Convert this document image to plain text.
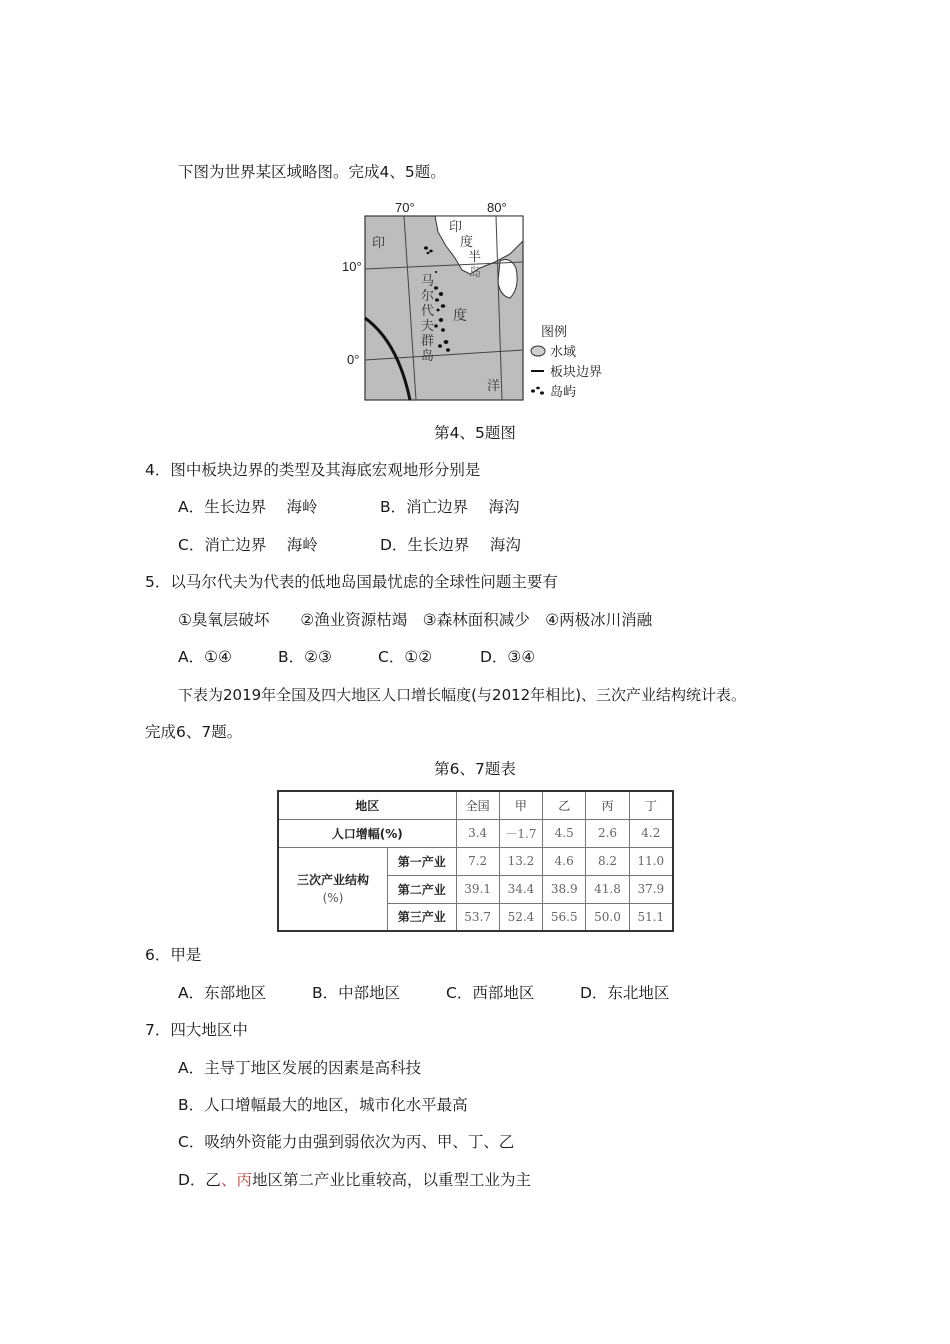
下图为世界某区域略图。完成4、5题。
70°	80°
10°
0°
印
度
洋
印
度
半
岛
马
尔
代
夫
群
岛
图例
水域
板块边界
岛屿
第4、5题图
4．图中板块边界的类型及其海底宏观地形分别是
A．生长边界　 海岭	B．消亡边界　 海沟
C．消亡边界　 海岭	D．生长边界　 海沟
5．以马尔代夫为代表的低地岛国最忧虑的全球性问题主要有
①臭氧层破坏　　②渔业资源枯竭　③森林面积减少　④两极冰川消融
A．①④	B．②③	C．①②	D．③④
下表为2019年全国及四大地区人口增长幅度(与2012年相比)、三次产业结构统计表。
完成6、7题。
第6、7题表
地区		全国	甲	乙	丙	丁
人口增幅(%)		3.4	－1.7	4.5	2.6	4.2
三次产业结构
(%)	第一产业	7.2	13.2	4.6	8.2	11.0
	第二产业	39.1	34.4	38.9	41.8	37.9
	第三产业	53.7	52.4	56.5	50.0	51.1
6．甲是
A．东部地区	B．中部地区	C．西部地区	D．东北地区
7．四大地区中
A．主导丁地区发展的因素是高科技
B．人口增幅最大的地区，城市化水平最高
C．吸纳外资能力由强到弱依次为丙、甲、丁、乙
D．乙、丙地区第二产业比重较高，以重型工业为主
